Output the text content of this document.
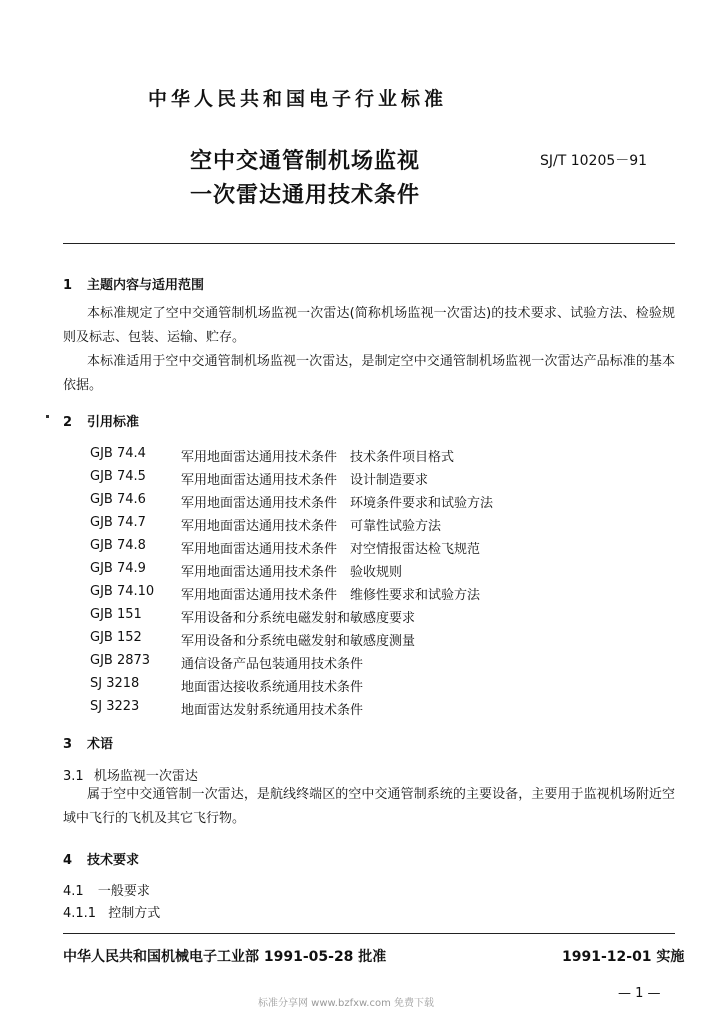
中华人民共和国电子行业标准
空中交通管制机场监视
一次雷达通用技术条件
SJ/T 10205－91
1 主题内容与适用范围
本标准规定了空中交通管制机场监视一次雷达(简称机场监视一次雷达)的技术要求、试验方法、检验规则及标志、包装、运输、贮存。
本标准适用于空中交通管制机场监视一次雷达，是制定空中交通管制机场监视一次雷达产品标准的基本依据。
2 引用标准
GJB 74.4	军用地面雷达通用技术条件　技术条件项目格式
GJB 74.5	军用地面雷达通用技术条件　设计制造要求
GJB 74.6	军用地面雷达通用技术条件　环境条件要求和试验方法
GJB 74.7	军用地面雷达通用技术条件　可靠性试验方法
GJB 74.8	军用地面雷达通用技术条件　对空情报雷达检飞规范
GJB 74.9	军用地面雷达通用技术条件　验收规则
GJB 74.10 军用地面雷达通用技术条件　维修性要求和试验方法
GJB 151	军用设备和分系统电磁发射和敏感度要求
GJB 152	军用设备和分系统电磁发射和敏感度测量
GJB 2873 通信设备产品包装通用技术条件
SJ 3218	地面雷达接收系统通用技术条件
SJ 3223	地面雷达发射系统通用技术条件
3 术语
3.1 机场监视一次雷达
属于空中交通管制一次雷达，是航线终端区的空中交通管制系统的主要设备，主要用于监视机场附近空域中飞行的飞机及其它飞行物。
4 技术要求
4.1 一般要求
4.1.1 控制方式
中华人民共和国机械电子工业部 1991-05-28 批准	1991-12-01 实施
— 1 —
标准分享网 www.bzfxw.com 免费下载
